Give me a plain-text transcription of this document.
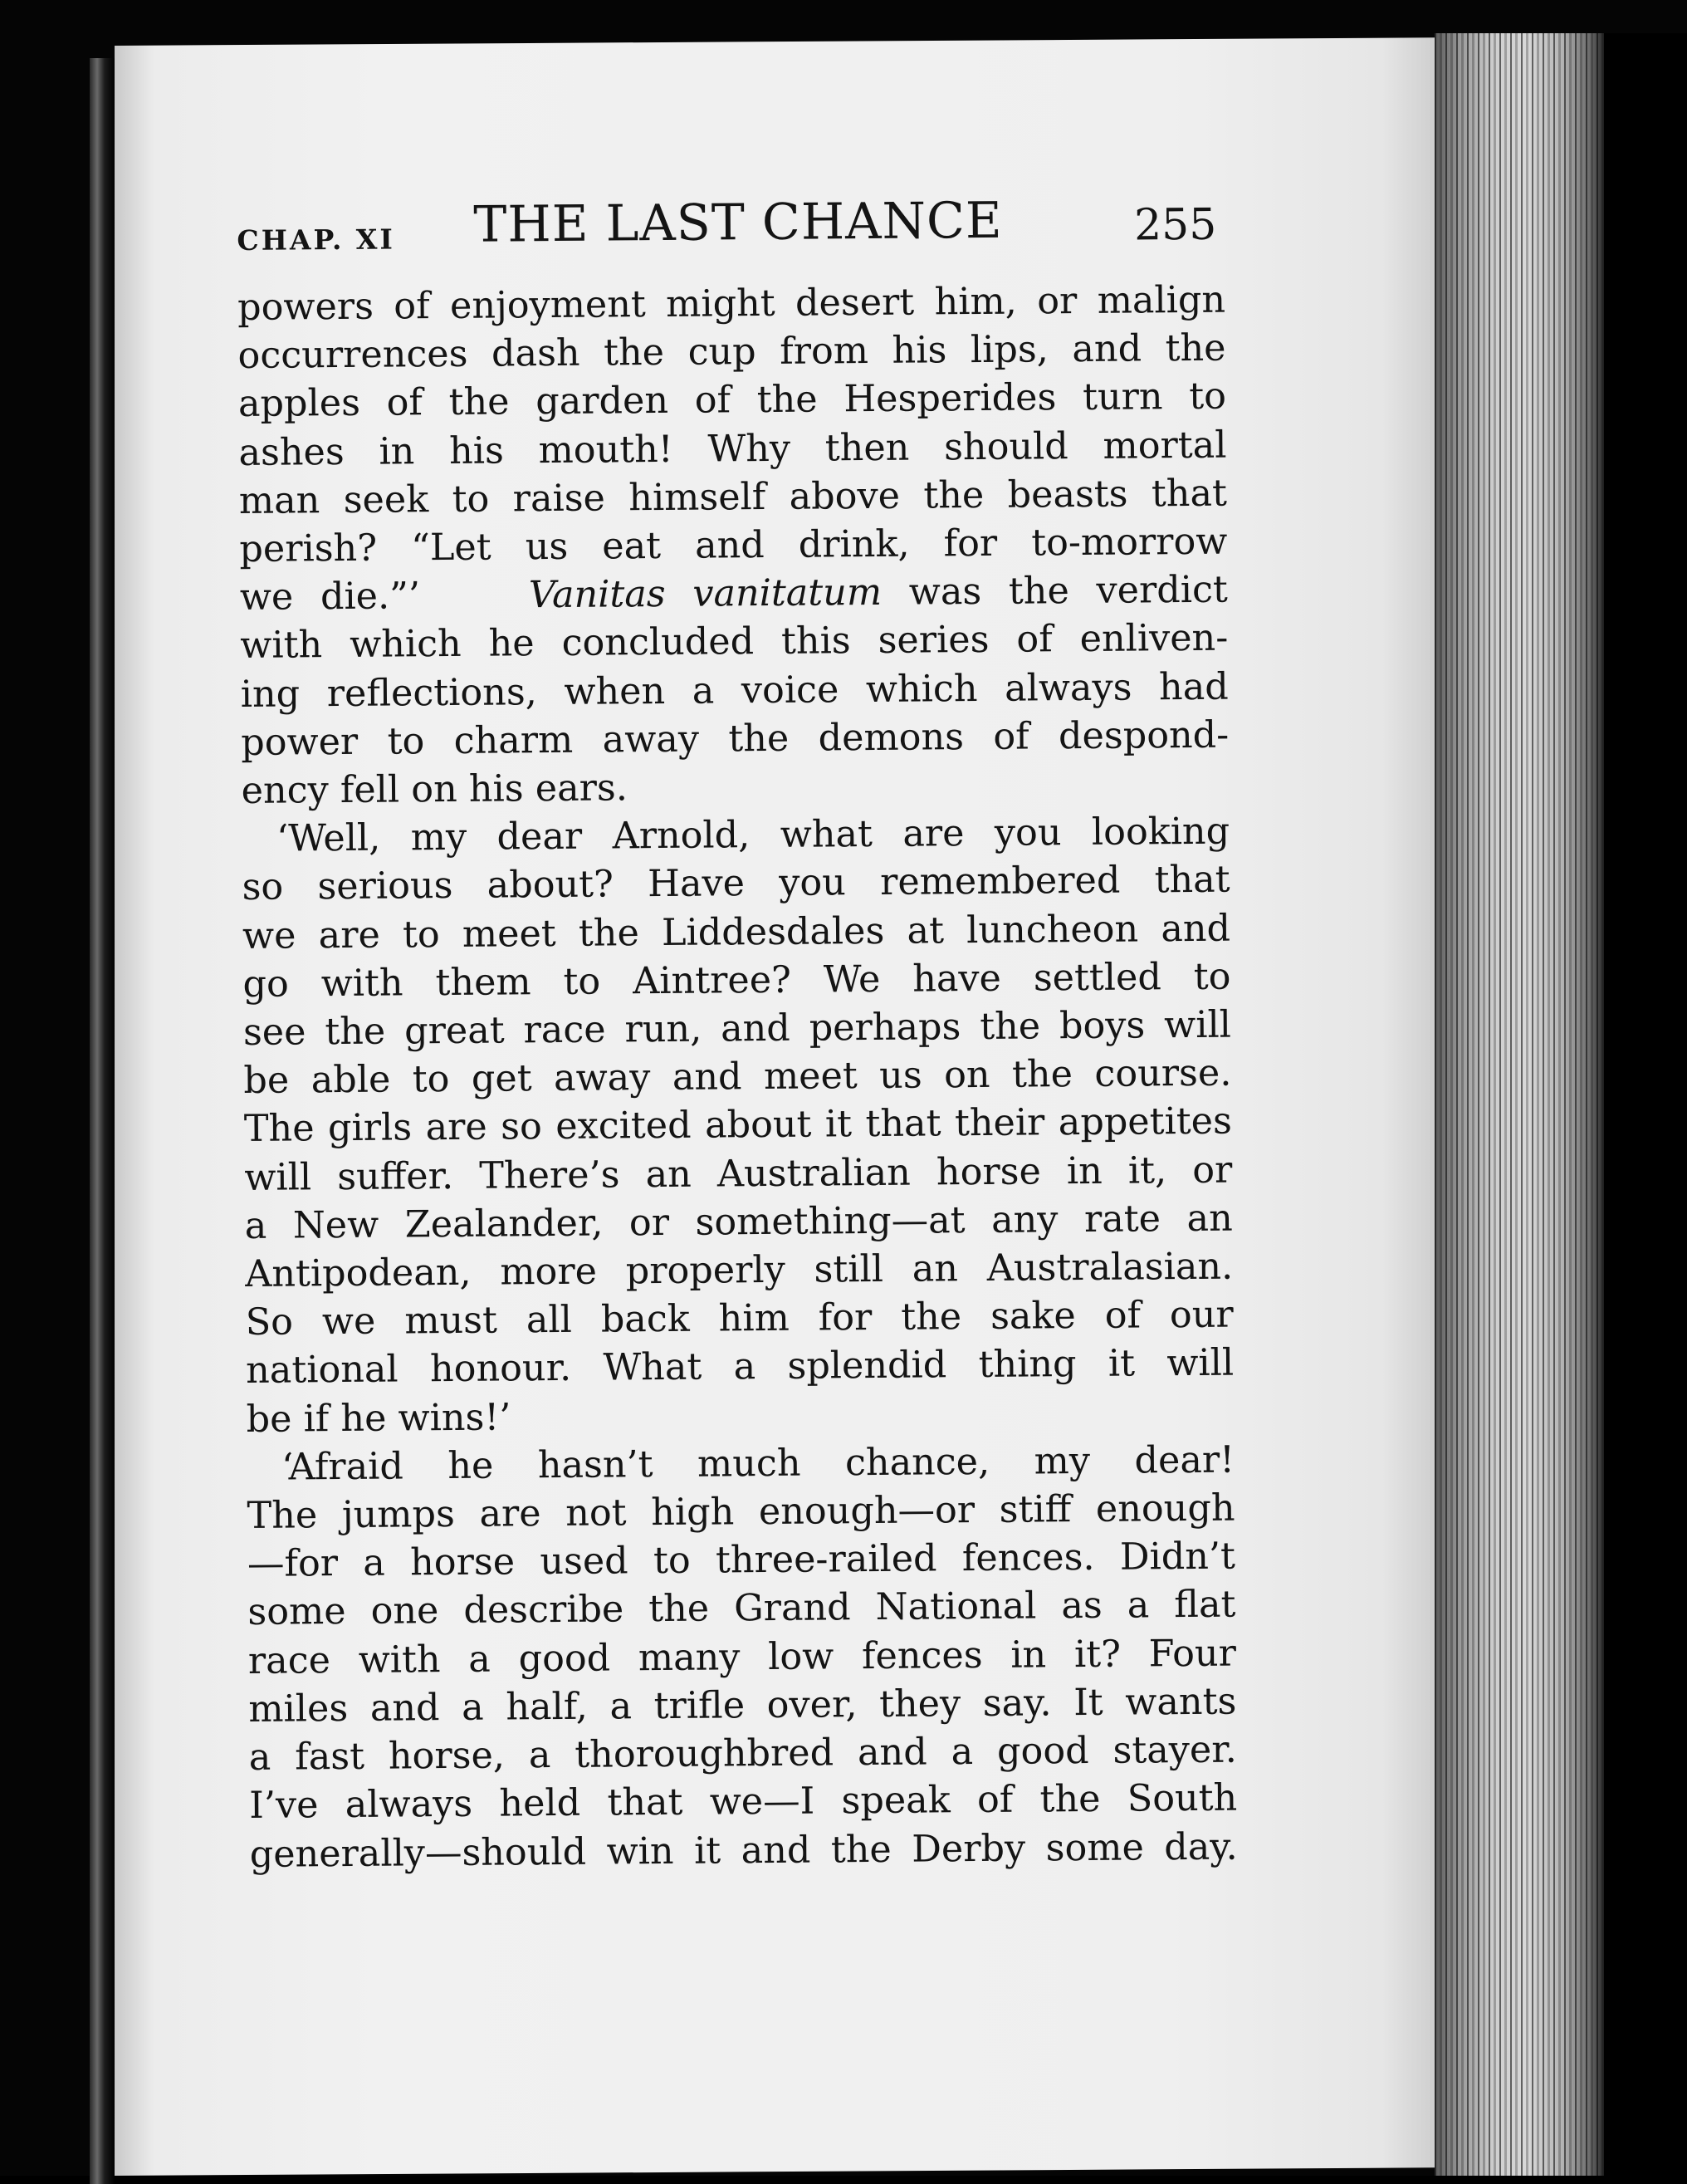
CHAP. XI THE LAST CHANCE	255
powers of enjoyment might desert him, or malign
occurrences dash the cup from his lips, and the
apples of the garden of the Hesperides turn to
ashes in his mouth! Why then should mortal
man seek to raise himself above the beasts that
perish? “Let us eat and drink, for to-morrow
we die.”’	Vanitas vanitatum was the verdict
with which he concluded this series of enliven-
ing reflections, when a voice which always had
power to charm away the demons of despond-
ency fell on his ears.
‘Well, my dear Arnold, what are you looking
so serious about? Have you remembered that
we are to meet the Liddesdales at luncheon and
go with them to Aintree? We have settled to
see the great race run, and perhaps the boys will
be able to get away and meet us on the course.
The girls are so excited about it that their appetites
will suffer. There’s an Australian horse in it, or
a New Zealander, or something—at any rate an
Antipodean, more properly still an Australasian.
So we must all back him for the sake of our
national honour. What a splendid thing it will
be if he wins!’
‘Afraid he hasn’t much chance, my dear!
The jumps are not high enough—or stiff enough
—for a horse used to three-railed fences. Didn’t
some one describe the Grand National as a flat
race with a good many low fences in it? Four
miles and a half, a trifle over, they say. It wants
a fast horse, a thoroughbred and a good stayer.
I’ve always held that we—I speak of the South
generally—should win it and the Derby some day.
